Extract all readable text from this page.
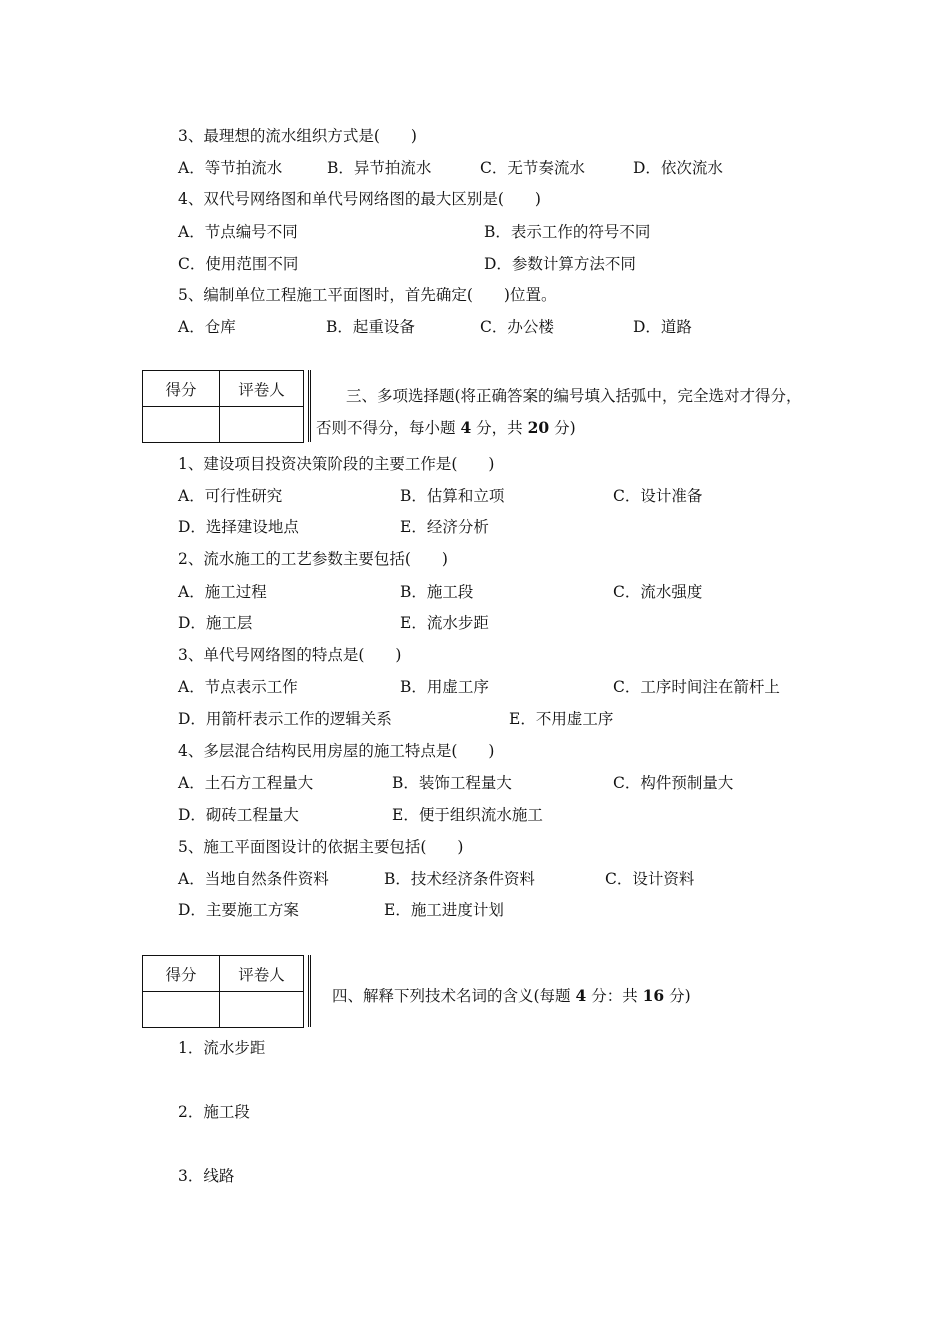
3、最理想的流水组织方式是(　　)
A．等节拍流水	B．异节拍流水	C．无节奏流水	D．依次流水
4、双代号网络图和单代号网络图的最大区别是(　　)
A．节点编号不同	B．表示工作的符号不同
C．使用范围不同	D．参数计算方法不同
5、编制单位工程施工平面图时，首先确定(　　)位置。
A．仓库	B．起重设备	C．办公楼	D．道路
得分	评卷人
		三、多项选择题(将正确答案的编号填入括弧中，完全选对才得分，
否则不得分，每小题 4 分，共 20 分)
1、建设项目投资决策阶段的主要工作是(　　)
A．可行性研究	B．估算和立项	C．设计准备
D．选择建设地点	E．经济分析
2、流水施工的工艺参数主要包括(　　)
A．施工过程	B．施工段	C．流水强度
D．施工层	E．流水步距
3、单代号网络图的特点是(　　)
A．节点表示工作	B．用虚工序	C．工序时间注在箭杆上
D．用箭杆表示工作的逻辑关系	E．不用虚工序
4、多层混合结构民用房屋的施工特点是(　　)
A．土石方工程量大	B．装饰工程量大	C．构件预制量大
D．砌砖工程量大	E．便于组织流水施工
5、施工平面图设计的依据主要包括(　　)
A．当地自然条件资料	B．技术经济条件资料	C．设计资料
D．主要施工方案	E．施工进度计划
得分	评卷人

四、解释下列技术名词的含义(每题 4 分：共 16 分)
1．流水步距
2．施工段
3．线路
